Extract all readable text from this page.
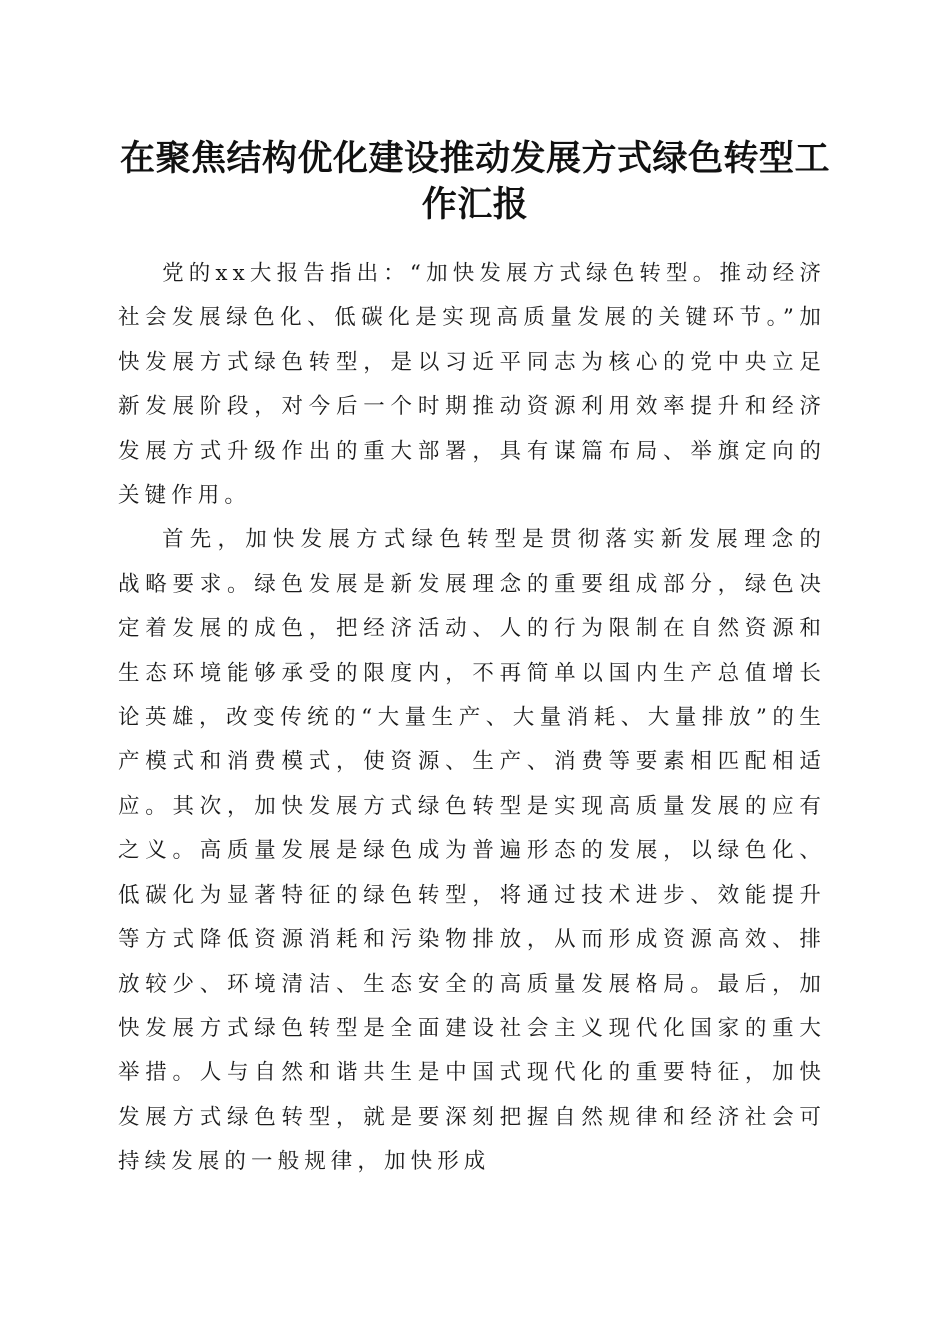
在聚焦结构优化建设推动发展方式绿色转型工作汇报

党的xx大报告指出：“加快发展方式绿色转型。推动经济社会发展绿色化、低碳化是实现高质量发展的关键环节。”加快发展方式绿色转型，是以习近平同志为核心的党中央立足新发展阶段，对今后一个时期推动资源利用效率提升和经济发展方式升级作出的重大部署，具有谋篇布局、举旗定向的关键作用。

首先，加快发展方式绿色转型是贯彻落实新发展理念的战略要求。绿色发展是新发展理念的重要组成部分，绿色决定着发展的成色，把经济活动、人的行为限制在自然资源和生态环境能够承受的限度内，不再简单以国内生产总值增长论英雄，改变传统的“大量生产、大量消耗、大量排放”的生产模式和消费模式，使资源、生产、消费等要素相匹配相适应。其次，加快发展方式绿色转型是实现高质量发展的应有之义。高质量发展是绿色成为普遍形态的发展，以绿色化、低碳化为显著特征的绿色转型，将通过技术进步、效能提升等方式降低资源消耗和污染物排放，从而形成资源高效、排放较少、环境清洁、生态安全的高质量发展格局。最后，加快发展方式绿色转型是全面建设社会主义现代化国家的重大举措。人与自然和谐共生是中国式现代化的重要特征，加快发展方式绿色转型，就是要深刻把握自然规律和经济社会可持续发展的一般规律，加快形成
